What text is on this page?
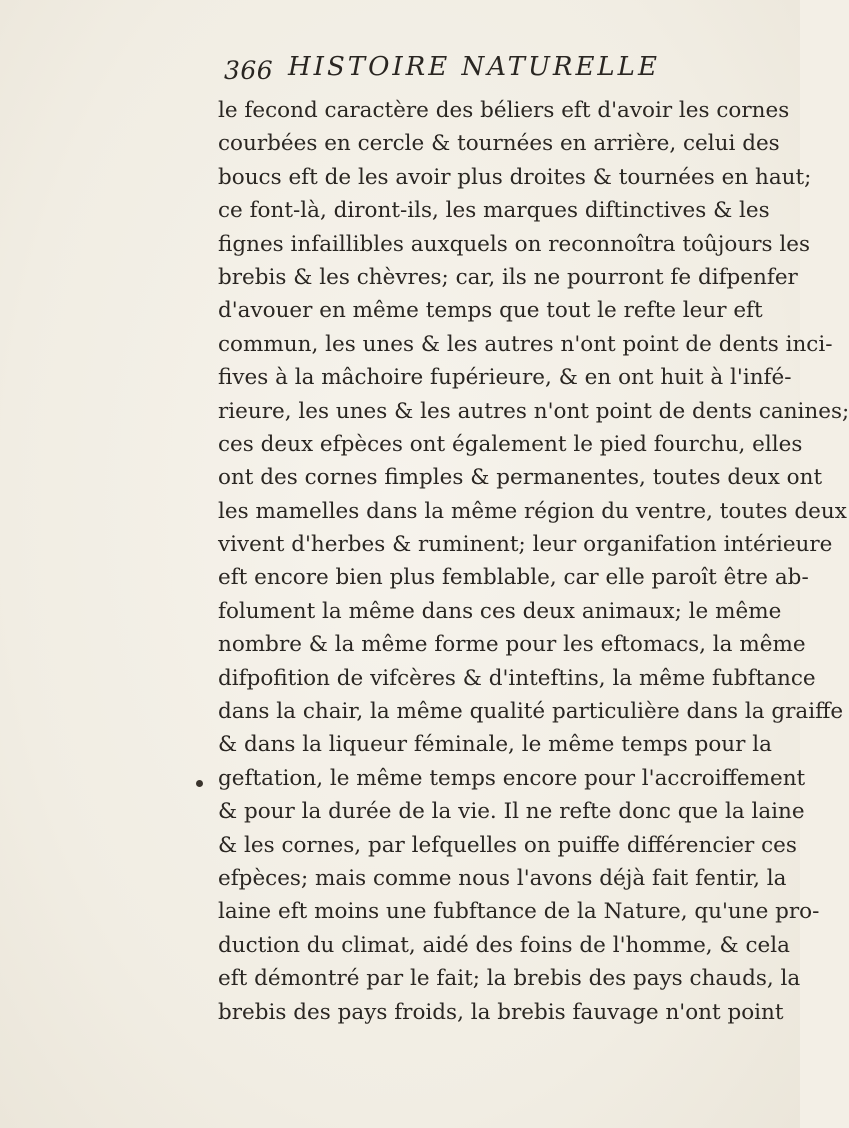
366 HISTOIRE NATURELLE
le fecond caractère des béliers eft d'avoir les cornes
courbées en cercle & tournées en arrière, celui des
boucs eft de les avoir plus droites & tournées en haut;
ce font-là, diront-ils, les marques diftinctives & les
fignes infaillibles auxquels on reconnoîtra toûjours les
brebis & les chèvres; car, ils ne pourront fe difpenfer
d'avouer en même temps que tout le refte leur eft
commun, les unes & les autres n'ont point de dents inci-
fives à la mâchoire fupérieure, & en ont huit à l'infé-
rieure, les unes & les autres n'ont point de dents canines;
ces deux efpèces ont également le pied fourchu, elles
ont des cornes fimples & permanentes, toutes deux ont
les mamelles dans la même région du ventre, toutes deux
vivent d'herbes & ruminent; leur organifation intérieure
eft encore bien plus femblable, car elle paroît être ab-
folument la même dans ces deux animaux; le même
nombre & la même forme pour les eftomacs, la même
difpofition de vifcères & d'inteftins, la même fubftance
dans la chair, la même qualité particulière dans la graiffe
& dans la liqueur féminale, le même temps pour la
geftation, le même temps encore pour l'accroiffement
& pour la durée de la vie. Il ne refte donc que la laine
& les cornes, par lefquelles on puiffe différencier ces
efpèces; mais comme nous l'avons déjà fait fentir, la
laine eft moins une fubftance de la Nature, qu'une pro-
duction du climat, aidé des foins de l'homme, & cela
eft démontré par le fait; la brebis des pays chauds, la
brebis des pays froids, la brebis fauvage n'ont point
